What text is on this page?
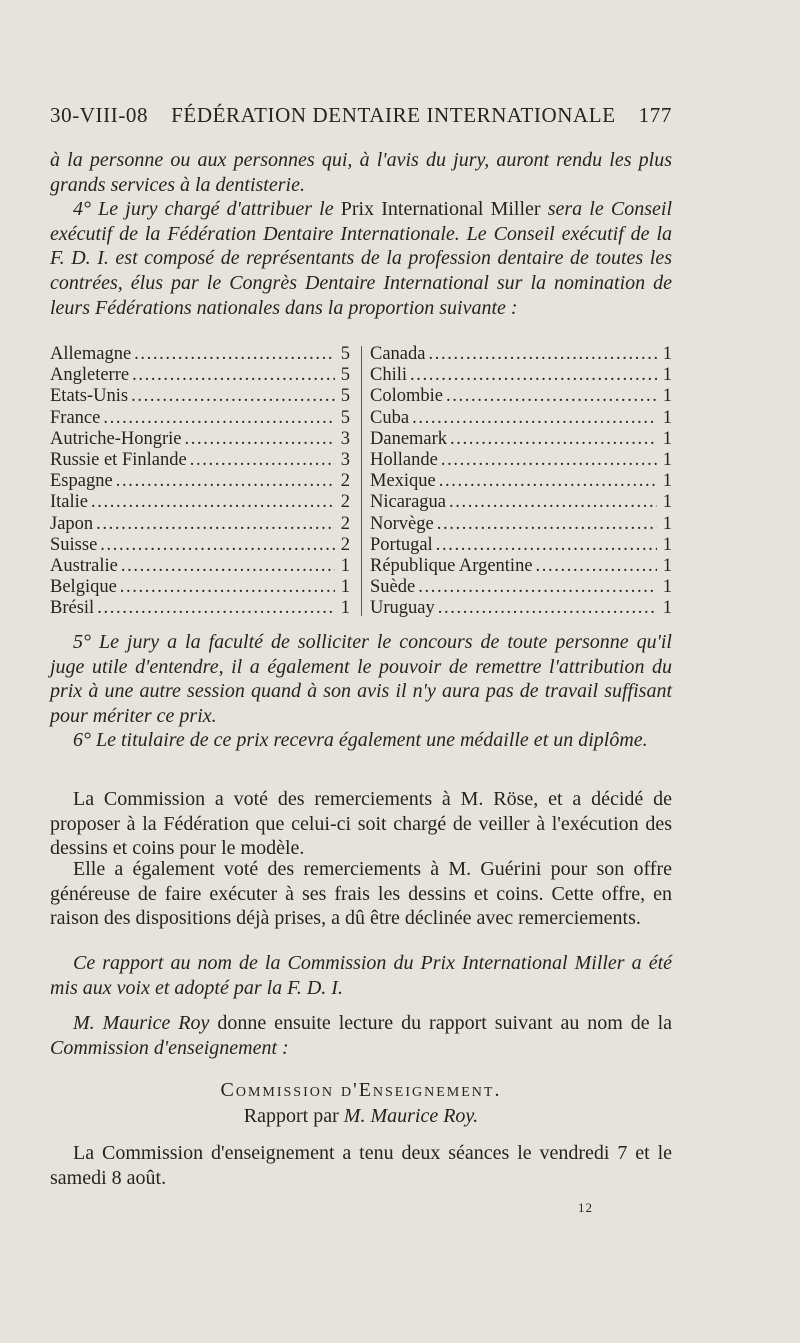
30-VIII-08 FÉDÉRATION DENTAIRE INTERNATIONALE 177

à la personne ou aux personnes qui, à l'avis du jury, auront rendu les plus grands services à la dentisterie.

4° Le jury chargé d'attribuer le Prix International Miller sera le Conseil exécutif de la Fédération Dentaire Internationale. Le Conseil exécutif de la F. D. I. est composé de représentants de la profession dentaire de toutes les contrées, élus par le Congrès Dentaire International sur la nomination de leurs Fédérations nationales dans la proportion suivante :

Allemagne . . .	5
Angleterre . . .	5
Etats-Unis . . .	5
France . . .	5
Autriche-Hongrie . . .	3
Russie et Finlande . . .	3
Espagne . . .	2
Italie . . .	2
Japon . . .	2
Suisse . . .	2
Australie . . .	1
Belgique . . .	1
Brésil . . .	1
Canada . . .	1
Chili . . .	1
Colombie . . .	1
Cuba . . .	1
Danemark . . .	1
Hollande . . .	1
Mexique . . .	1
Nicaragua . . .	1
Norvège . . .	1
Portugal . . .	1
République Argentine . . .	1
Suède . . .	1
Uruguay . . .	1

5° Le jury a la faculté de solliciter le concours de toute personne qu'il juge utile d'entendre, il a également le pouvoir de remettre l'attribution du prix à une autre session quand à son avis il n'y aura pas de travail suffisant pour mériter ce prix.

6° Le titulaire de ce prix recevra également une médaille et un diplôme.

La Commission a voté des remerciements à M. Röse, et a décidé de proposer à la Fédération que celui-ci soit chargé de veiller à l'exécution des dessins et coins pour le modèle.
Elle a également voté des remerciements à M. Guérini pour son offre généreuse de faire exécuter à ses frais les dessins et coins. Cette offre, en raison des dispositions déjà prises, a dû être déclinée avec remerciements.
Ce rapport au nom de la Commission du Prix International Miller a été mis aux voix et adopté par la F. D. I.
M. Maurice Roy donne ensuite lecture du rapport suivant au nom de la Commission d'enseignement :
Commission d'Enseignement.
Rapport par M. Maurice Roy.
La Commission d'enseignement a tenu deux séances le vendredi 7 et le samedi 8 août.
12
